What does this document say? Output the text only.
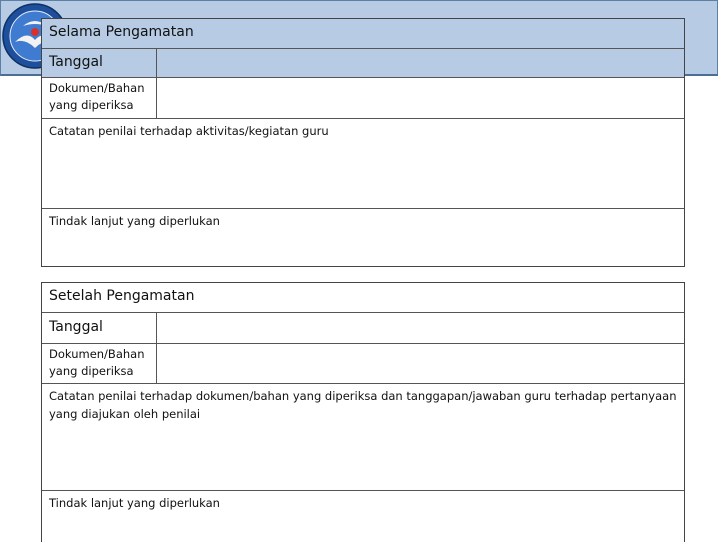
Selama Pengamatan
Tanggal
Dokumen/Bahan yang diperiksa
Catatan penilai terhadap aktivitas/kegiatan guru
Tindak lanjut yang diperlukan
Setelah Pengamatan
Tanggal
Dokumen/Bahan yang diperiksa
Catatan penilai terhadap dokumen/bahan yang diperiksa dan tanggapan/jawaban guru terhadap pertanyaan yang diajukan oleh penilai
Tindak lanjut yang diperlukan
